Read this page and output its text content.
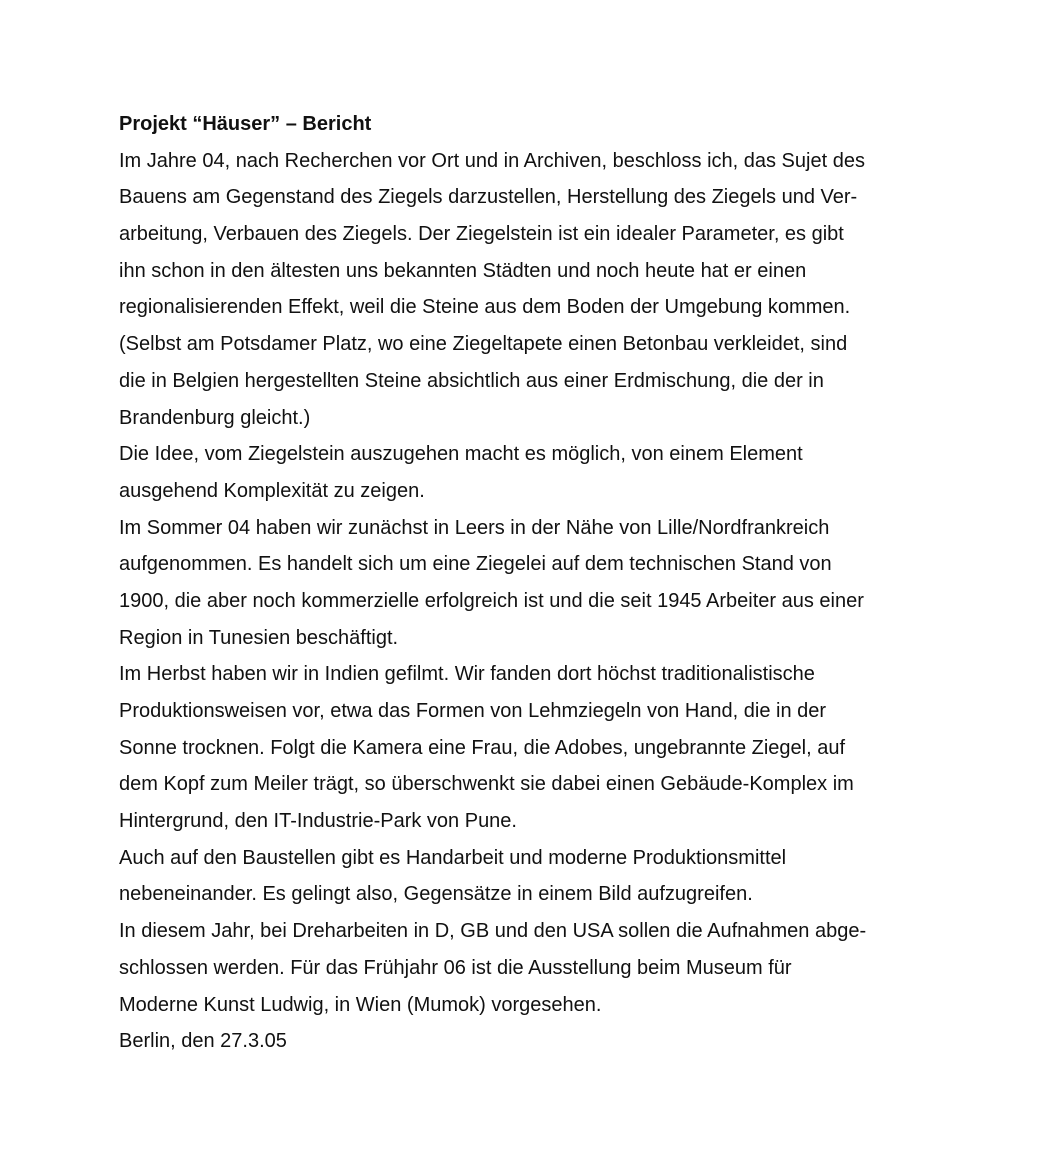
Projekt “Häuser” – Bericht
Im Jahre 04, nach Recherchen vor Ort und in Archiven, beschloss ich, das Sujet des
Bauens am Gegenstand des Ziegels darzustellen, Herstellung des Ziegels und Ver-
arbeitung, Verbauen des Ziegels. Der Ziegelstein ist ein idealer Parameter, es gibt
ihn schon in den ältesten uns bekannten Städten und noch heute hat er einen
regionalisierenden Effekt, weil die Steine aus dem Boden der Umgebung kommen.
(Selbst am Potsdamer Platz, wo eine Ziegeltapete einen Betonbau verkleidet, sind
die in Belgien hergestellten Steine absichtlich aus einer Erdmischung, die der in
Brandenburg gleicht.)
Die Idee, vom Ziegelstein auszugehen macht es möglich, von einem Element
ausgehend Komplexität zu zeigen.
Im Sommer 04 haben wir zunächst in Leers in der Nähe von Lille/Nordfrankreich
aufgenommen. Es handelt sich um eine Ziegelei auf dem technischen Stand von
1900, die aber noch kommerzielle erfolgreich ist und die seit 1945 Arbeiter aus einer
Region in Tunesien beschäftigt.
Im Herbst haben wir in Indien gefilmt. Wir fanden dort höchst traditionalistische
Produktionsweisen vor, etwa das Formen von Lehmziegeln von Hand, die in der
Sonne trocknen. Folgt die Kamera eine Frau, die Adobes, ungebrannte Ziegel, auf
dem Kopf zum Meiler trägt, so überschwenkt sie dabei einen Gebäude-Komplex im
Hintergrund, den IT-Industrie-Park von Pune.
Auch auf den Baustellen gibt es Handarbeit und moderne Produktionsmittel
nebeneinander. Es gelingt also, Gegensätze in einem Bild aufzugreifen.
In diesem Jahr, bei Dreharbeiten in D, GB und den USA sollen die Aufnahmen abge-
schlossen werden. Für das Frühjahr 06 ist die Ausstellung beim Museum für
Moderne Kunst Ludwig, in Wien (Mumok) vorgesehen.
Berlin, den 27.3.05
